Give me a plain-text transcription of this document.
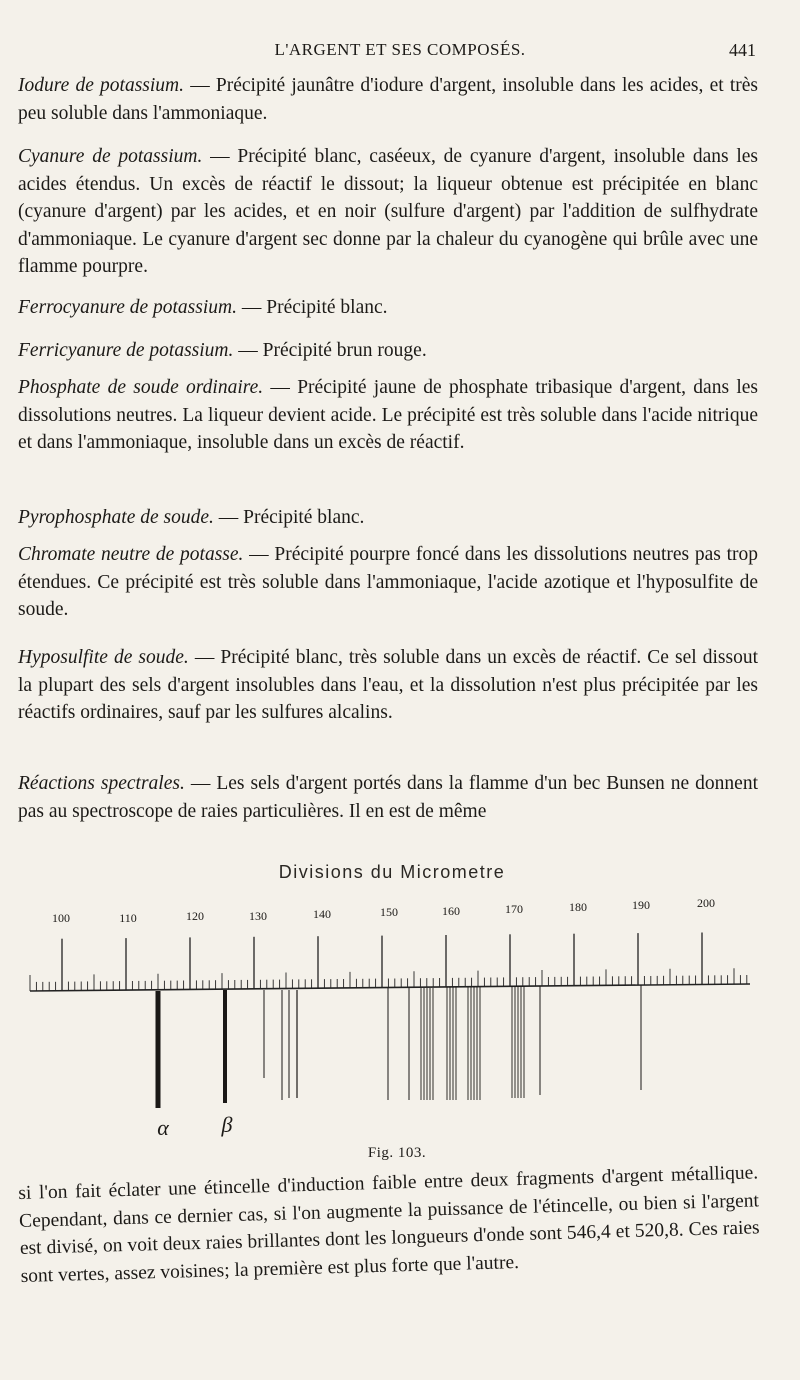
L'ARGENT ET SES COMPOSÉS.	441
Iodure de potassium. — Précipité jaunâtre d'iodure d'argent, insoluble dans les acides, et très peu soluble dans l'ammoniaque.
Cyanure de potassium. — Précipité blanc, caséeux, de cyanure d'argent, insoluble dans les acides étendus. Un excès de réactif le dissout; la liqueur obtenue est précipitée en blanc (cyanure d'argent) par les acides, et en noir (sulfure d'argent) par l'addition de sulfhydrate d'ammoniaque. Le cyanure d'argent sec donne par la chaleur du cyanogène qui brûle avec une flamme pourpre.
Ferrocyanure de potassium. — Précipité blanc.
Ferricyanure de potassium. — Précipité brun rouge.
Phosphate de soude ordinaire. — Précipité jaune de phosphate tribasique d'argent, dans les dissolutions neutres. La liqueur devient acide. Le précipité est très soluble dans l'acide nitrique et dans l'ammoniaque, insoluble dans un excès de réactif.
Pyrophosphate de soude. — Précipité blanc.
Chromate neutre de potasse. — Précipité pourpre foncé dans les dissolutions neutres pas trop étendues. Ce précipité est très soluble dans l'ammoniaque, l'acide azotique et l'hyposulfite de soude.
Hyposulfite de soude. — Précipité blanc, très soluble dans un excès de réactif. Ce sel dissout la plupart des sels d'argent insolubles dans l'eau, et la dissolution n'est plus précipitée par les réactifs ordinaires, sauf par les sulfures alcalins.
Réactions spectrales. — Les sels d'argent portés dans la flamme d'un bec Bunsen ne donnent pas au spectroscope de raies particulières. Il en est de même
Divisions du Micrometre
100	110	120	130	140	150	160	170	180	190	200
α β
Fig. 103.
si l'on fait éclater une étincelle d'induction faible entre deux fragments d'argent métallique. Cependant, dans ce dernier cas, si l'on augmente la puissance de l'étincelle, ou bien si l'argent est divisé, on voit deux raies brillantes dont les longueurs d'onde sont 546,4 et 520,8. Ces raies sont vertes, assez voisines; la première est plus forte que l'autre.
